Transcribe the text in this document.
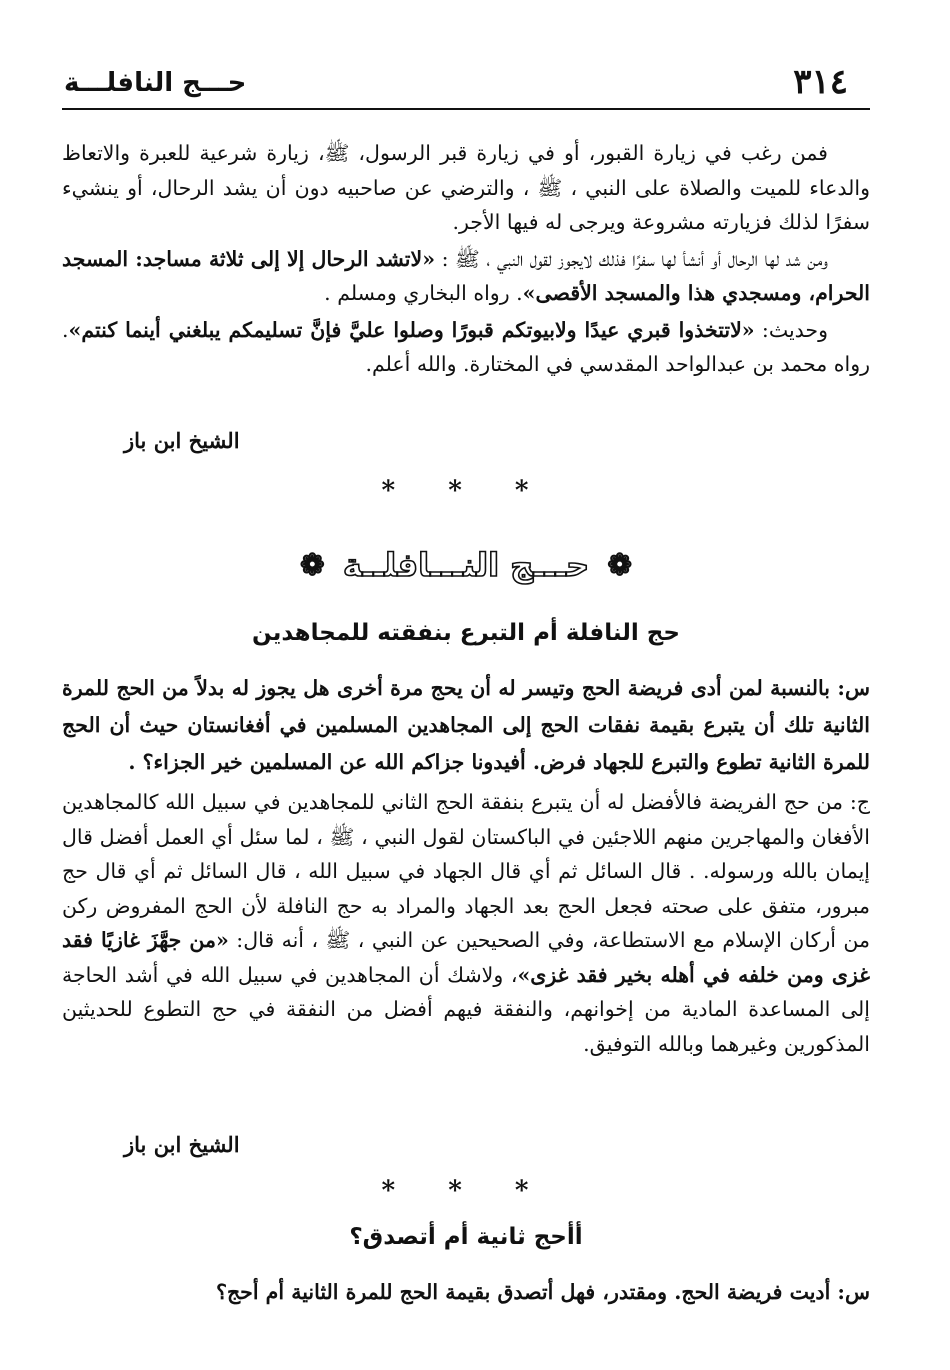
٣١٤
حـــج النافلـــة

فمن رغب في زيارة القبور، أو في زيارة قبر الرسول، ﷺ، زيارة شرعية للعبرة والاتعاظ والدعاء للميت والصلاة على النبي ، ﷺ ، والترضي عن صاحبيه دون أن يشد الرحال، أو ينشيء سفرًا لذلك فزيارته مشروعة ويرجى له فيها الأجر.

ومن شد لها الرحال أو أنشأ لها سفرًا فذلك لايجوز لقول النبي ، ﷺ : «لاتشد الرحال إلا إلى ثلاثة مساجد: المسجد الحرام، ومسجدي هذا والمسجد الأقصى». رواه البخاري ومسلم .

وحديث: «لاتتخذوا قبري عيدًا ولابيوتكم قبورًا وصلوا عليَّ فإنَّ تسليمكم يبلغني أينما كنتم». رواه محمد بن عبدالواحد المقدسي في المختارة. والله أعلم.

الشيخ ابن باز

* * *

❁ حـــج النـــافلــة ❁
حج النافلة أم التبرع بنفقته للمجاهدين

س: بالنسبة لمن أدى فريضة الحج وتيسر له أن يحج مرة أخرى هل يجوز له بدلاً من الحج للمرة الثانية تلك أن يتبرع بقيمة نفقات الحج إلى المجاهدين المسلمين في أفغانستان حيث أن الحج للمرة الثانية تطوع والتبرع للجهاد فرض. أفيدونا جزاكم الله عن المسلمين خير الجزاء؟ .

ج: من حج الفريضة فالأفضل له أن يتبرع بنفقة الحج الثاني للمجاهدين في سبيل الله كالمجاهدين الأفغان والمهاجرين منهم اللاجئين في الباكستان لقول النبي ، ﷺ ، لما سئل أي العمل أفضل قال إيمان بالله ورسوله. . قال السائل ثم أي قال الجهاد في سبيل الله ، قال السائل ثم أي قال حج مبرور، متفق على صحته فجعل الحج بعد الجهاد والمراد به حج النافلة لأن الحج المفروض ركن من أركان الإسلام مع الاستطاعة، وفي الصحيحين عن النبي ، ﷺ ، أنه قال: «من جهَّزَ غازيًا فقد غزى ومن خلفه في أهله بخير فقد غزى»، ولاشك أن المجاهدين في سبيل الله في أشد الحاجة إلى المساعدة المادية من إخوانهم، والنفقة فيهم أفضل من النفقة في حج التطوع للحديثين المذكورين وغيرهما وبالله التوفيق.

الشيخ ابن باز

* * *

أأحج ثانية أم أتصدق؟

س: أديت فريضة الحج. ومقتدر، فهل أتصدق بقيمة الحج للمرة الثانية أم أحج؟
